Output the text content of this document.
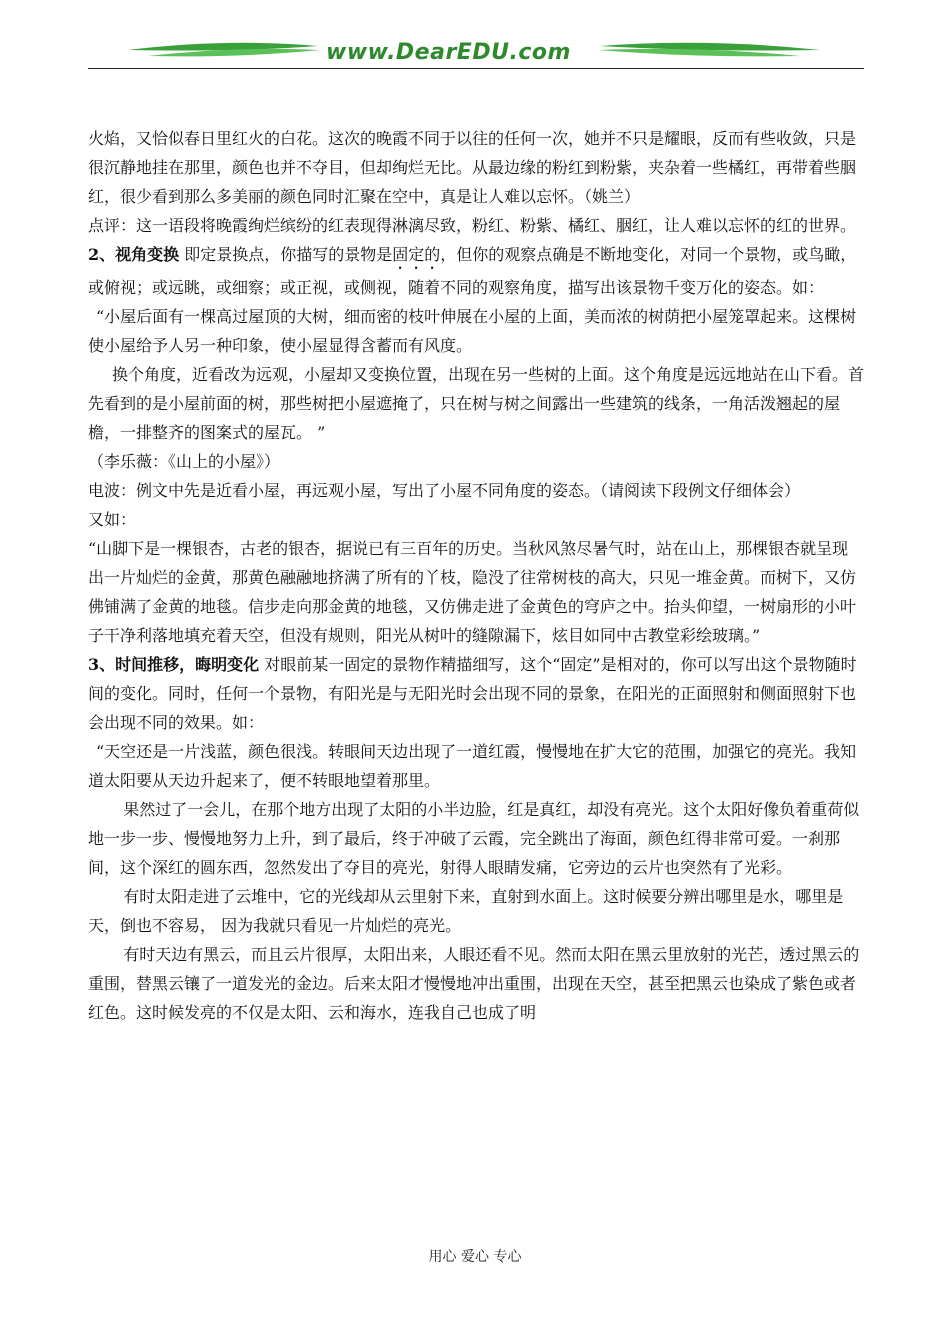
www.DearEDU.com

火焰，又恰似春日里红火的白花。这次的晚霞不同于以往的任何一次，她并不只是耀眼，反而有些收敛，只是很沉静地挂在那里，颜色也并不夺目，但却绚烂无比。从最边缘的粉红到粉紫，夹杂着一些橘红，再带着些胭红，很少看到那么多美丽的颜色同时汇聚在空中，真是让人难以忘怀。（姚兰）

点评：这一语段将晚霞绚烂缤纷的红表现得淋漓尽致，粉红、粉紫、橘红、胭红，让人难以忘怀的红的世界。

2、视角变换 即定景换点，你描写的景物是固定的，但你的观察点确是不断地变化，对同一个景物，或鸟瞰，或俯视；或远眺，或细察；或正视，或侧视，随着不同的观察角度，描写出该景物千变万化的姿态。如：

“小屋后面有一棵高过屋顶的大树，细而密的枝叶伸展在小屋的上面，美而浓的树荫把小屋笼罩起来。这棵树使小屋给予人另一种印象，使小屋显得含蓄而有风度。

换个角度，近看改为远观，小屋却又变换位置，出现在另一些树的上面。这个角度是远远地站在山下看。首先看到的是小屋前面的树，那些树把小屋遮掩了，只在树与树之间露出一些建筑的线条，一角活泼翘起的屋檐，一排整齐的图案式的屋瓦。 ”

（李乐薇：《山上的小屋》）

电波：例文中先是近看小屋，再远观小屋，写出了小屋不同角度的姿态。（请阅读下段例文仔细体会）

又如：

“山脚下是一棵银杏，古老的银杏，据说已有三百年的历史。当秋风煞尽暑气时，站在山上，那棵银杏就呈现出一片灿烂的金黄，那黄色融融地挤满了所有的丫枝，隐没了往常树枝的高大，只见一堆金黄。而树下，又仿佛铺满了金黄的地毯。信步走向那金黄的地毯，又仿佛走进了金黄色的穹庐之中。抬头仰望，一树扇形的小叶子干净利落地填充着天空，但没有规则，阳光从树叶的缝隙漏下，炫目如同中古教堂彩绘玻璃。”

3、时间推移，晦明变化 对眼前某一固定的景物作精描细写，这个“固定”是相对的，你可以写出这个景物随时间的变化。同时，任何一个景物，有阳光是与无阳光时会出现不同的景象，在阳光的正面照射和侧面照射下也会出现不同的效果。如：

“天空还是一片浅蓝，颜色很浅。转眼间天边出现了一道红霞，慢慢地在扩大它的范围，加强它的亮光。我知道太阳要从天边升起来了，便不转眼地望着那里。

果然过了一会儿，在那个地方出现了太阳的小半边脸，红是真红，却没有亮光。这个太阳好像负着重荷似地一步一步、慢慢地努力上升，到了最后，终于冲破了云霞，完全跳出了海面，颜色红得非常可爱。一刹那间，这个深红的圆东西，忽然发出了夺目的亮光，射得人眼睛发痛，它旁边的云片也突然有了光彩。

有时太阳走进了云堆中，它的光线却从云里射下来，直射到水面上。这时候要分辨出哪里是水，哪里是天，倒也不容易， 因为我就只看见一片灿烂的亮光。

有时天边有黑云，而且云片很厚，太阳出来，人眼还看不见。然而太阳在黑云里放射的光芒，透过黑云的重围，替黑云镶了一道发光的金边。后来太阳才慢慢地冲出重围，出现在天空，甚至把黑云也染成了紫色或者红色。这时候发亮的不仅是太阳、云和海水，连我自己也成了明

用心 爱心 专心
